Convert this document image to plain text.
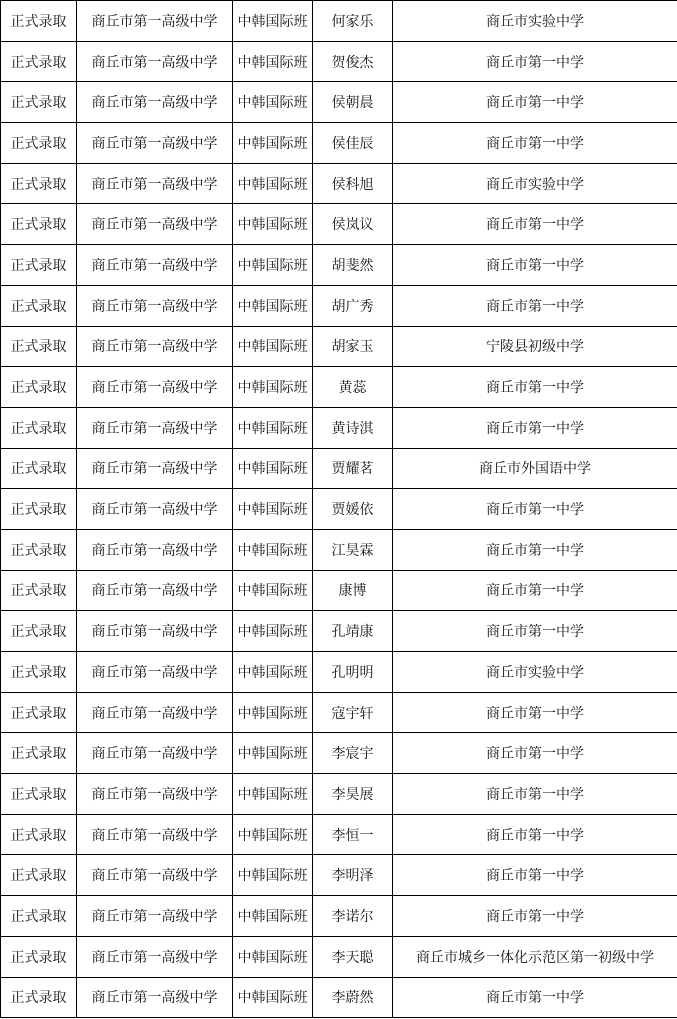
正式录取	商丘市第一高级中学	中韩国际班	何家乐	商丘市实验中学
正式录取	商丘市第一高级中学	中韩国际班	贺俊杰	商丘市第一中学
正式录取	商丘市第一高级中学	中韩国际班	侯朝晨	商丘市第一中学
正式录取	商丘市第一高级中学	中韩国际班	侯佳辰	商丘市第一中学
正式录取	商丘市第一高级中学	中韩国际班	侯科旭	商丘市实验中学
正式录取	商丘市第一高级中学	中韩国际班	侯岚议	商丘市第一中学
正式录取	商丘市第一高级中学	中韩国际班	胡斐然	商丘市第一中学
正式录取	商丘市第一高级中学	中韩国际班	胡广秀	商丘市第一中学
正式录取	商丘市第一高级中学	中韩国际班	胡家玉	宁陵县初级中学
正式录取	商丘市第一高级中学	中韩国际班	黄蕊	商丘市第一中学
正式录取	商丘市第一高级中学	中韩国际班	黄诗淇	商丘市第一中学
正式录取	商丘市第一高级中学	中韩国际班	贾耀茗	商丘市外国语中学
正式录取	商丘市第一高级中学	中韩国际班	贾媛依	商丘市第一中学
正式录取	商丘市第一高级中学	中韩国际班	江昊霖	商丘市第一中学
正式录取	商丘市第一高级中学	中韩国际班	康博	商丘市第一中学
正式录取	商丘市第一高级中学	中韩国际班	孔靖康	商丘市第一中学
正式录取	商丘市第一高级中学	中韩国际班	孔明明	商丘市实验中学
正式录取	商丘市第一高级中学	中韩国际班	寇宇轩	商丘市第一中学
正式录取	商丘市第一高级中学	中韩国际班	李宸宇	商丘市第一中学
正式录取	商丘市第一高级中学	中韩国际班	李昊展	商丘市第一中学
正式录取	商丘市第一高级中学	中韩国际班	李恒一	商丘市第一中学
正式录取	商丘市第一高级中学	中韩国际班	李明泽	商丘市第一中学
正式录取	商丘市第一高级中学	中韩国际班	李诺尔	商丘市第一中学
正式录取	商丘市第一高级中学	中韩国际班	李天聪	商丘市城乡一体化示范区第一初级中学
正式录取	商丘市第一高级中学	中韩国际班	李蔚然	商丘市第一中学
